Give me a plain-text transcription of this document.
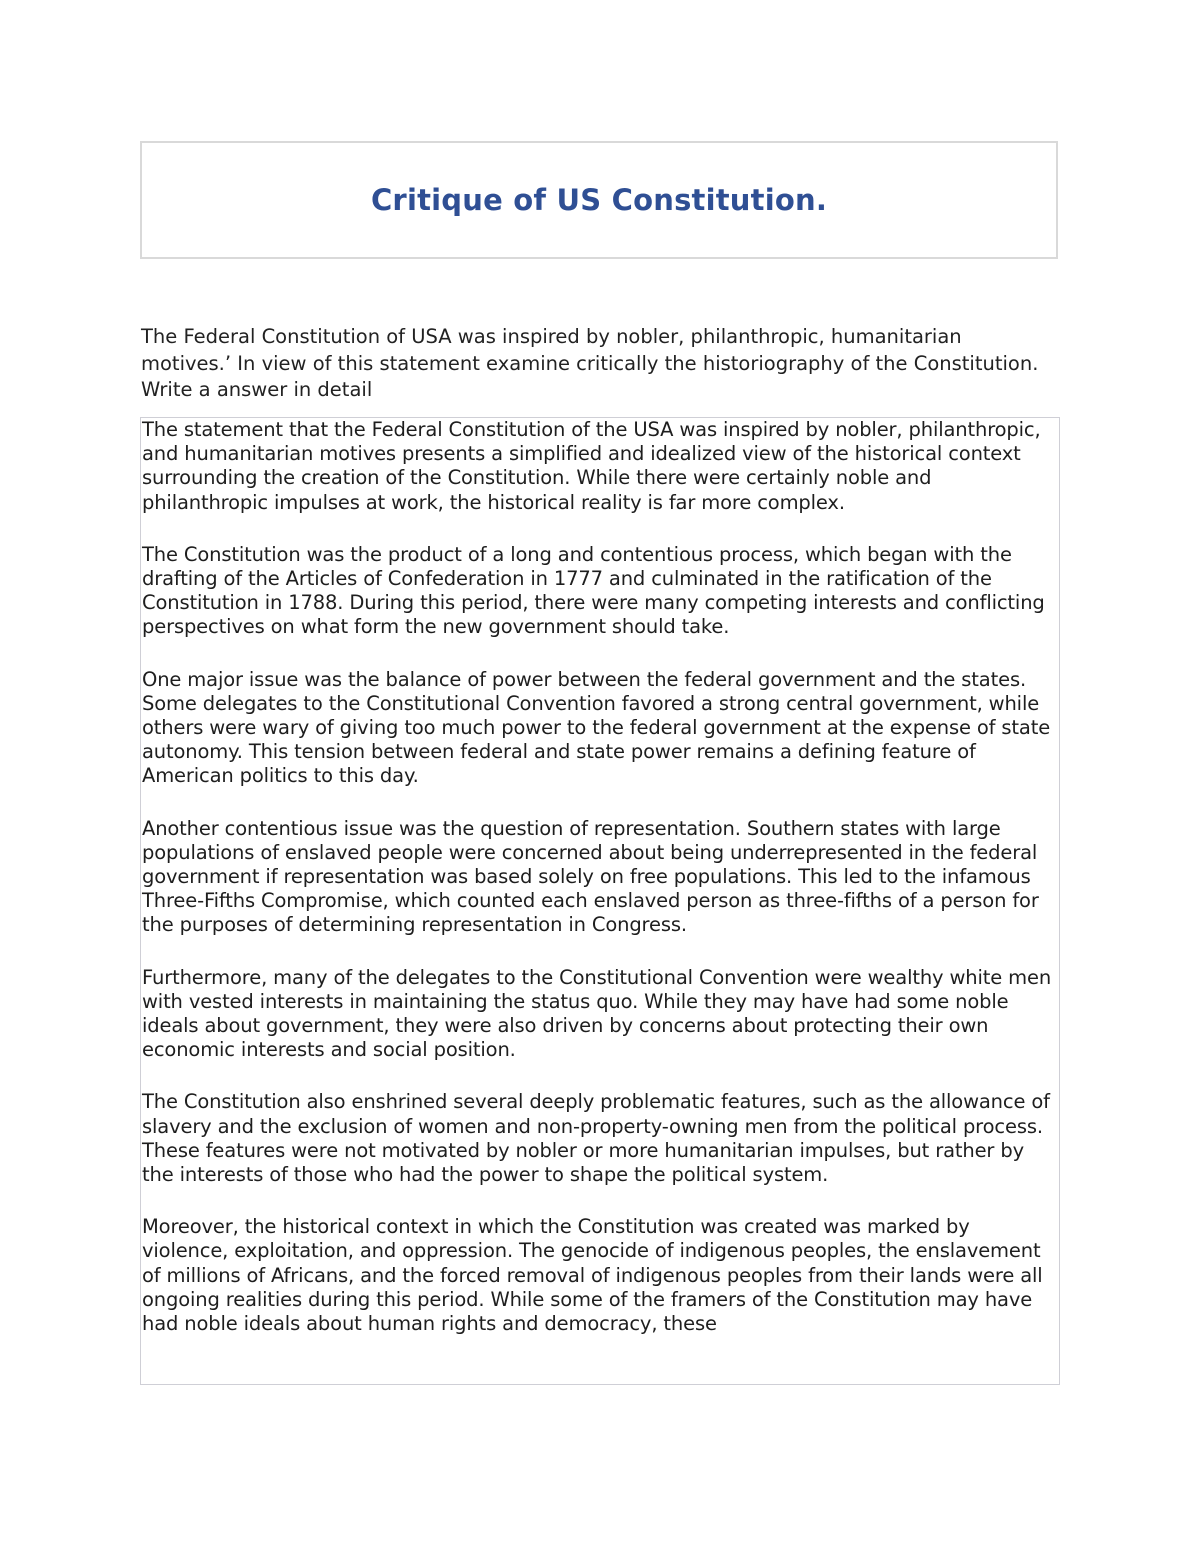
Critique of US Constitution.

The Federal Constitution of USA was inspired by nobler, philanthropic, humanitarian motives.’ In view of this statement examine critically the historiography of the Constitution. Write a answer in detail

The statement that the Federal Constitution of the USA was inspired by nobler, philanthropic, and humanitarian motives presents a simplified and idealized view of the historical context surrounding the creation of the Constitution. While there were certainly noble and philanthropic impulses at work, the historical reality is far more complex.

The Constitution was the product of a long and contentious process, which began with the drafting of the Articles of Confederation in 1777 and culminated in the ratification of the Constitution in 1788. During this period, there were many competing interests and conflicting perspectives on what form the new government should take.

One major issue was the balance of power between the federal government and the states. Some delegates to the Constitutional Convention favored a strong central government, while others were wary of giving too much power to the federal government at the expense of state autonomy. This tension between federal and state power remains a defining feature of American politics to this day.

Another contentious issue was the question of representation. Southern states with large populations of enslaved people were concerned about being underrepresented in the federal government if representation was based solely on free populations. This led to the infamous Three-Fifths Compromise, which counted each enslaved person as three-fifths of a person for the purposes of determining representation in Congress.

Furthermore, many of the delegates to the Constitutional Convention were wealthy white men with vested interests in maintaining the status quo. While they may have had some noble ideals about government, they were also driven by concerns about protecting their own economic interests and social position.

The Constitution also enshrined several deeply problematic features, such as the allowance of slavery and the exclusion of women and non-property-owning men from the political process. These features were not motivated by nobler or more humanitarian impulses, but rather by the interests of those who had the power to shape the political system.

Moreover, the historical context in which the Constitution was created was marked by violence, exploitation, and oppression. The genocide of indigenous peoples, the enslavement of millions of Africans, and the forced removal of indigenous peoples from their lands were all ongoing realities during this period. While some of the framers of the Constitution may have had noble ideals about human rights and democracy, these
